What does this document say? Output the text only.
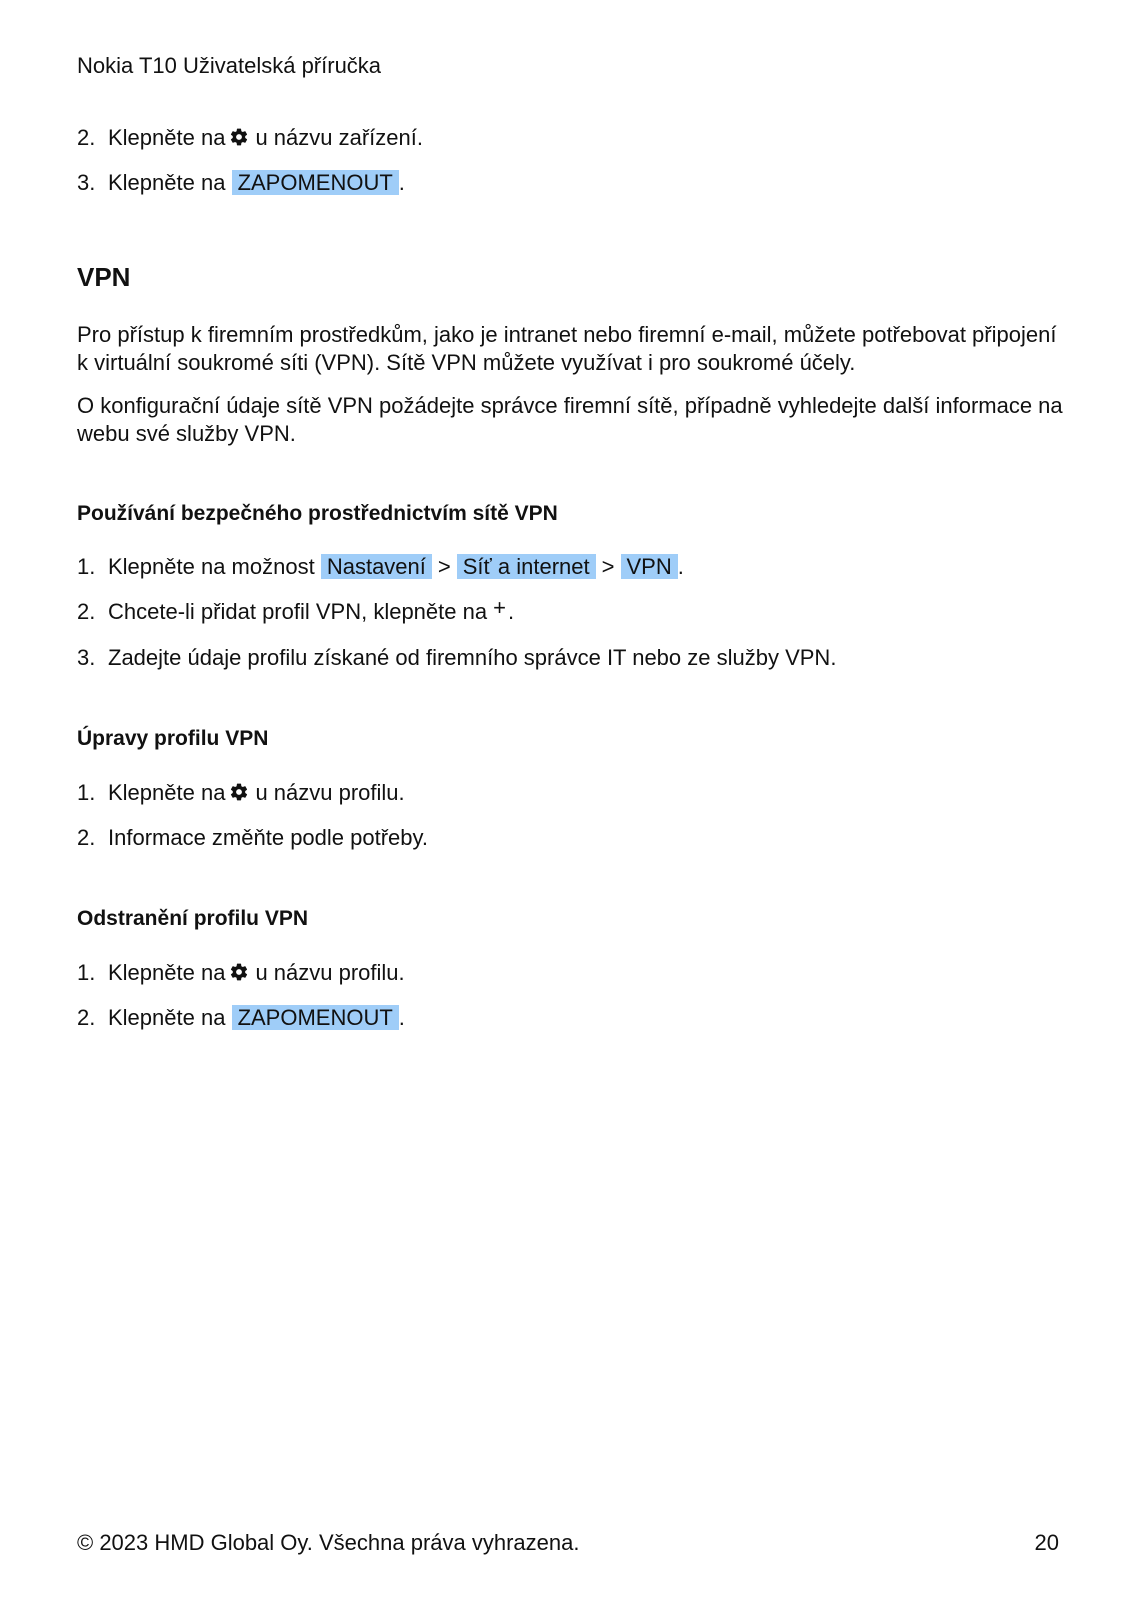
Nokia T10 Uživatelská příručka
2. Klepněte na u názvu zařízení.
3. Klepněte na ZAPOMENOUT .
VPN
Pro přístup k firemním prostředkům, jako je intranet nebo firemní e-mail, můžete potřebovat připojení k virtuální soukromé síti (VPN). Sítě VPN můžete využívat i pro soukromé účely.
O konfigurační údaje sítě VPN požádejte správce firemní sítě, případně vyhledejte další informace na webu své služby VPN.
Používání bezpečného prostřednictvím sítě VPN
1. Klepněte na možnost Nastavení > Síť a internet > VPN .
2. Chcete-li přidat profil VPN, klepněte na +.
3. Zadejte údaje profilu získané od firemního správce IT nebo ze služby VPN.
Úpravy profilu VPN
1. Klepněte na u názvu profilu.
2. Informace změňte podle potřeby.
Odstranění profilu VPN
1. Klepněte na u názvu profilu.
2. Klepněte na ZAPOMENOUT .
© 2023 HMD Global Oy. Všechna práva vyhrazena.	20
